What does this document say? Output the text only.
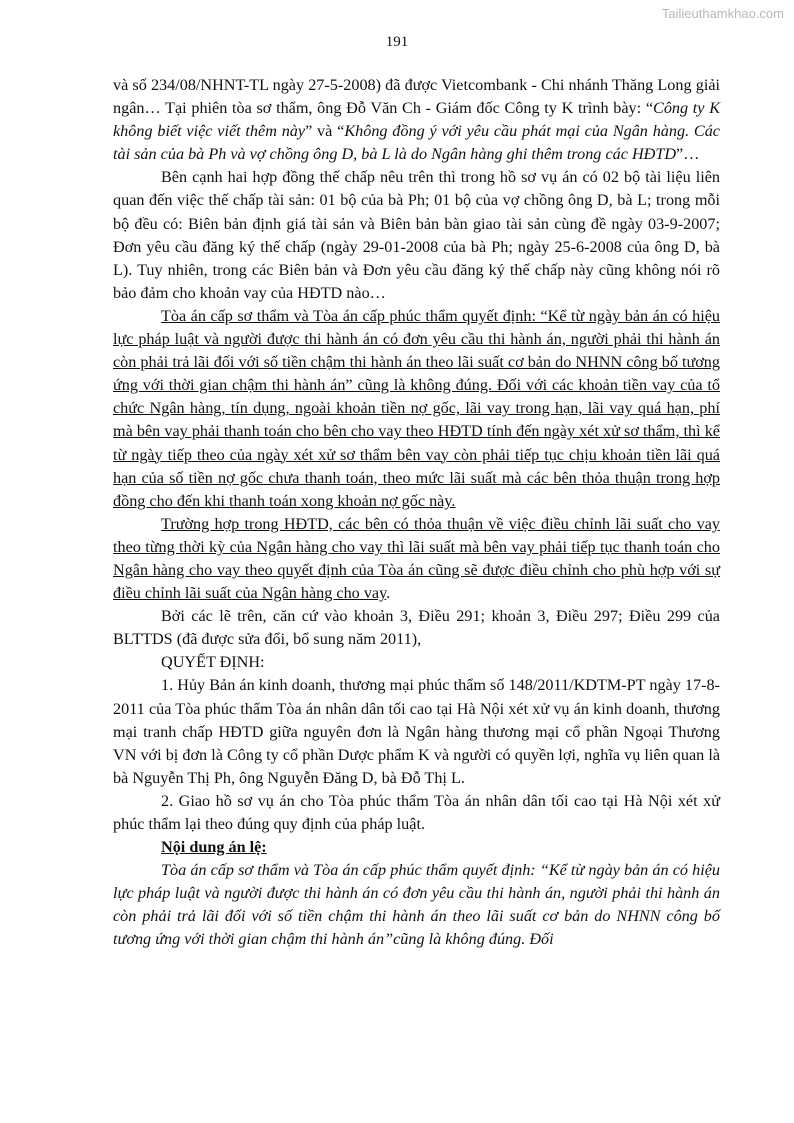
Tailieuthamkhao.com
191

và số 234/08/NHNT-TL ngày 27-5-2008) đã được Vietcombank - Chi nhánh Thăng Long giải ngân… Tại phiên tòa sơ thẩm, ông Đỗ Văn Ch - Giám đốc Công ty K trình bày: “Công ty K không biết việc viết thêm này” và “Không đồng ý với yêu cầu phát mại của Ngân hàng. Các tài sản của bà Ph và vợ chồng ông D, bà L là do Ngân hàng ghi thêm trong các HĐTD”…

Bên cạnh hai hợp đồng thế chấp nêu trên thì trong hồ sơ vụ án có 02 bộ tài liệu liên quan đến việc thế chấp tài sản: 01 bộ của bà Ph; 01 bộ của vợ chồng ông D, bà L; trong mỗi bộ đều có: Biên bản định giá tài sản và Biên bản bàn giao tài sản cùng đề ngày 03-9-2007; Đơn yêu cầu đăng ký thế chấp (ngày 29-01-2008 của bà Ph; ngày 25-6-2008 của ông D, bà L). Tuy nhiên, trong các Biên bản và Đơn yêu cầu đăng ký thế chấp này cũng không nói rõ bảo đảm cho khoản vay của HĐTD nào…

Tòa án cấp sơ thẩm và Tòa án cấp phúc thẩm quyết định: “Kể từ ngày bản án có hiệu lực pháp luật và người được thi hành án có đơn yêu cầu thi hành án, người phải thi hành án còn phải trả lãi đối với số tiền chậm thi hành án theo lãi suất cơ bản do NHNN công bố tương ứng với thời gian chậm thi hành án” cũng là không đúng. Đối với các khoản tiền vay của tổ chức Ngân hàng, tín dụng, ngoài khoản tiền nợ gốc, lãi vay trong hạn, lãi vay quá hạn, phí mà bên vay phải thanh toán cho bên cho vay theo HĐTD tính đến ngày xét xử sơ thẩm, thì kể từ ngày tiếp theo của ngày xét xử sơ thẩm bên vay còn phải tiếp tục chịu khoản tiền lãi quá hạn của số tiền nợ gốc chưa thanh toán, theo mức lãi suất mà các bên thỏa thuận trong hợp đồng cho đến khi thanh toán xong khoản nợ gốc này.

Trường hợp trong HĐTD, các bên có thỏa thuận về việc điều chỉnh lãi suất cho vay theo từng thời kỳ của Ngân hàng cho vay thì lãi suất mà bên vay phải tiếp tục thanh toán cho Ngân hàng cho vay theo quyết định của Tòa án cũng sẽ được điều chỉnh cho phù hợp với sự điều chỉnh lãi suất của Ngân hàng cho vay.

Bởi các lẽ trên, căn cứ vào khoản 3, Điều 291; khoản 3, Điều 297; Điều 299 của BLTTDS (đã được sửa đổi, bổ sung năm 2011),

QUYẾT ĐỊNH:

1. Hủy Bản án kinh doanh, thương mại phúc thẩm số 148/2011/KDTM-PT ngày 17-8-2011 của Tòa phúc thẩm Tòa án nhân dân tối cao tại Hà Nội xét xử vụ án kinh doanh, thương mại tranh chấp HĐTD giữa nguyên đơn là Ngân hàng thương mại cổ phần Ngoại Thương VN với bị đơn là Công ty cổ phần Dược phẩm K và người có quyền lợi, nghĩa vụ liên quan là bà Nguyễn Thị Ph, ông Nguyễn Đăng D, bà Đỗ Thị L.

2. Giao hồ sơ vụ án cho Tòa phúc thẩm Tòa án nhân dân tối cao tại Hà Nội xét xử phúc thẩm lại theo đúng quy định của pháp luật.

Nội dung án lệ:

Tòa án cấp sơ thẩm và Tòa án cấp phúc thẩm quyết định: “Kể từ ngày bản án có hiệu lực pháp luật và người được thi hành án có đơn yêu cầu thi hành án, người phải thi hành án còn phải trả lãi đối với số tiền chậm thi hành án theo lãi suất cơ bản do NHNN công bố tương ứng với thời gian chậm thi hành án”cũng là không đúng. Đối
